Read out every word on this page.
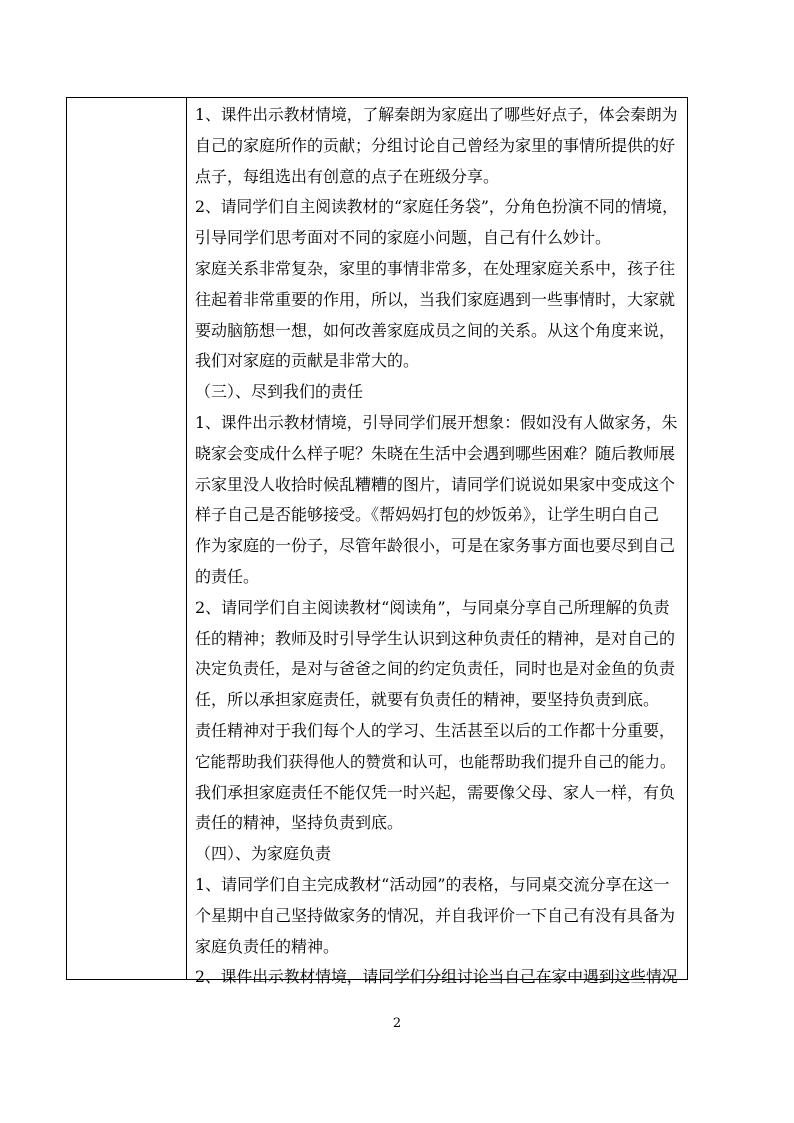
1、课件出示教材情境，了解秦朗为家庭出了哪些好点子，体会秦朗为
自己的家庭所作的贡献；分组讨论自己曾经为家里的事情所提供的好
点子，每组选出有创意的点子在班级分享。
2、请同学们自主阅读教材的“家庭任务袋”，分角色扮演不同的情境，
引导同学们思考面对不同的家庭小问题，自己有什么妙计。
家庭关系非常复杂，家里的事情非常多，在处理家庭关系中，孩子往
往起着非常重要的作用，所以，当我们家庭遇到一些事情时，大家就
要动脑筋想一想，如何改善家庭成员之间的关系。从这个角度来说，
我们对家庭的贡献是非常大的。
（三）、尽到我们的责任
1、课件出示教材情境，引导同学们展开想象：假如没有人做家务，朱
晓家会变成什么样子呢？朱晓在生活中会遇到哪些困难？随后教师展
示家里没人收拾时候乱糟糟的图片，请同学们说说如果家中变成这个
样子自己是否能够接受。《帮妈妈打包的炒饭弟》，让学生明白自己
作为家庭的一份子，尽管年龄很小，可是在家务事方面也要尽到自己
的责任。
2、请同学们自主阅读教材“阅读角”，与同桌分享自己所理解的负责
任的精神；教师及时引导学生认识到这种负责任的精神，是对自己的
决定负责任，是对与爸爸之间的约定负责任，同时也是对金鱼的负责
任，所以承担家庭责任，就要有负责任的精神，要坚持负责到底。
责任精神对于我们每个人的学习、生活甚至以后的工作都十分重要，
它能帮助我们获得他人的赞赏和认可，也能帮助我们提升自己的能力。
我们承担家庭责任不能仅凭一时兴起，需要像父母、家人一样，有负
责任的精神，坚持负责到底。
（四）、为家庭负责
1、请同学们自主完成教材“活动园”的表格，与同桌交流分享在这一
个星期中自己坚持做家务的情况，并自我评价一下自己有没有具备为
家庭负责任的精神。
2、课件出示教材情境，请同学们分组讨论当自己在家中遇到这些情况
2
